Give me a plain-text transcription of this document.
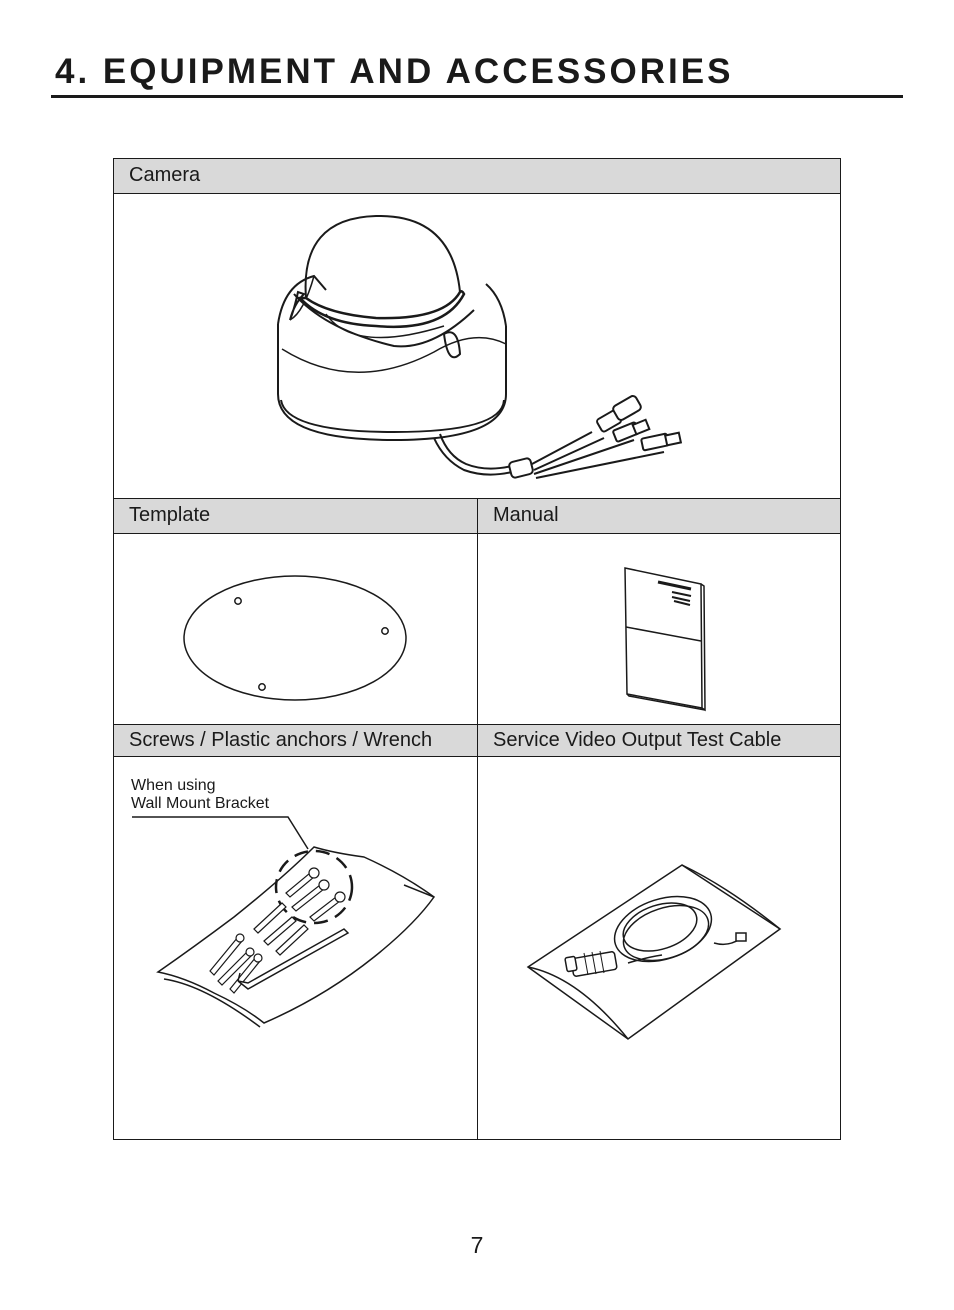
4. EQUIPMENT AND ACCESSORIES
Camera
Template	Manual
Screws / Plastic anchors / Wrench
When using
Wall Mount Bracket
Service Video Output Test Cable
7
